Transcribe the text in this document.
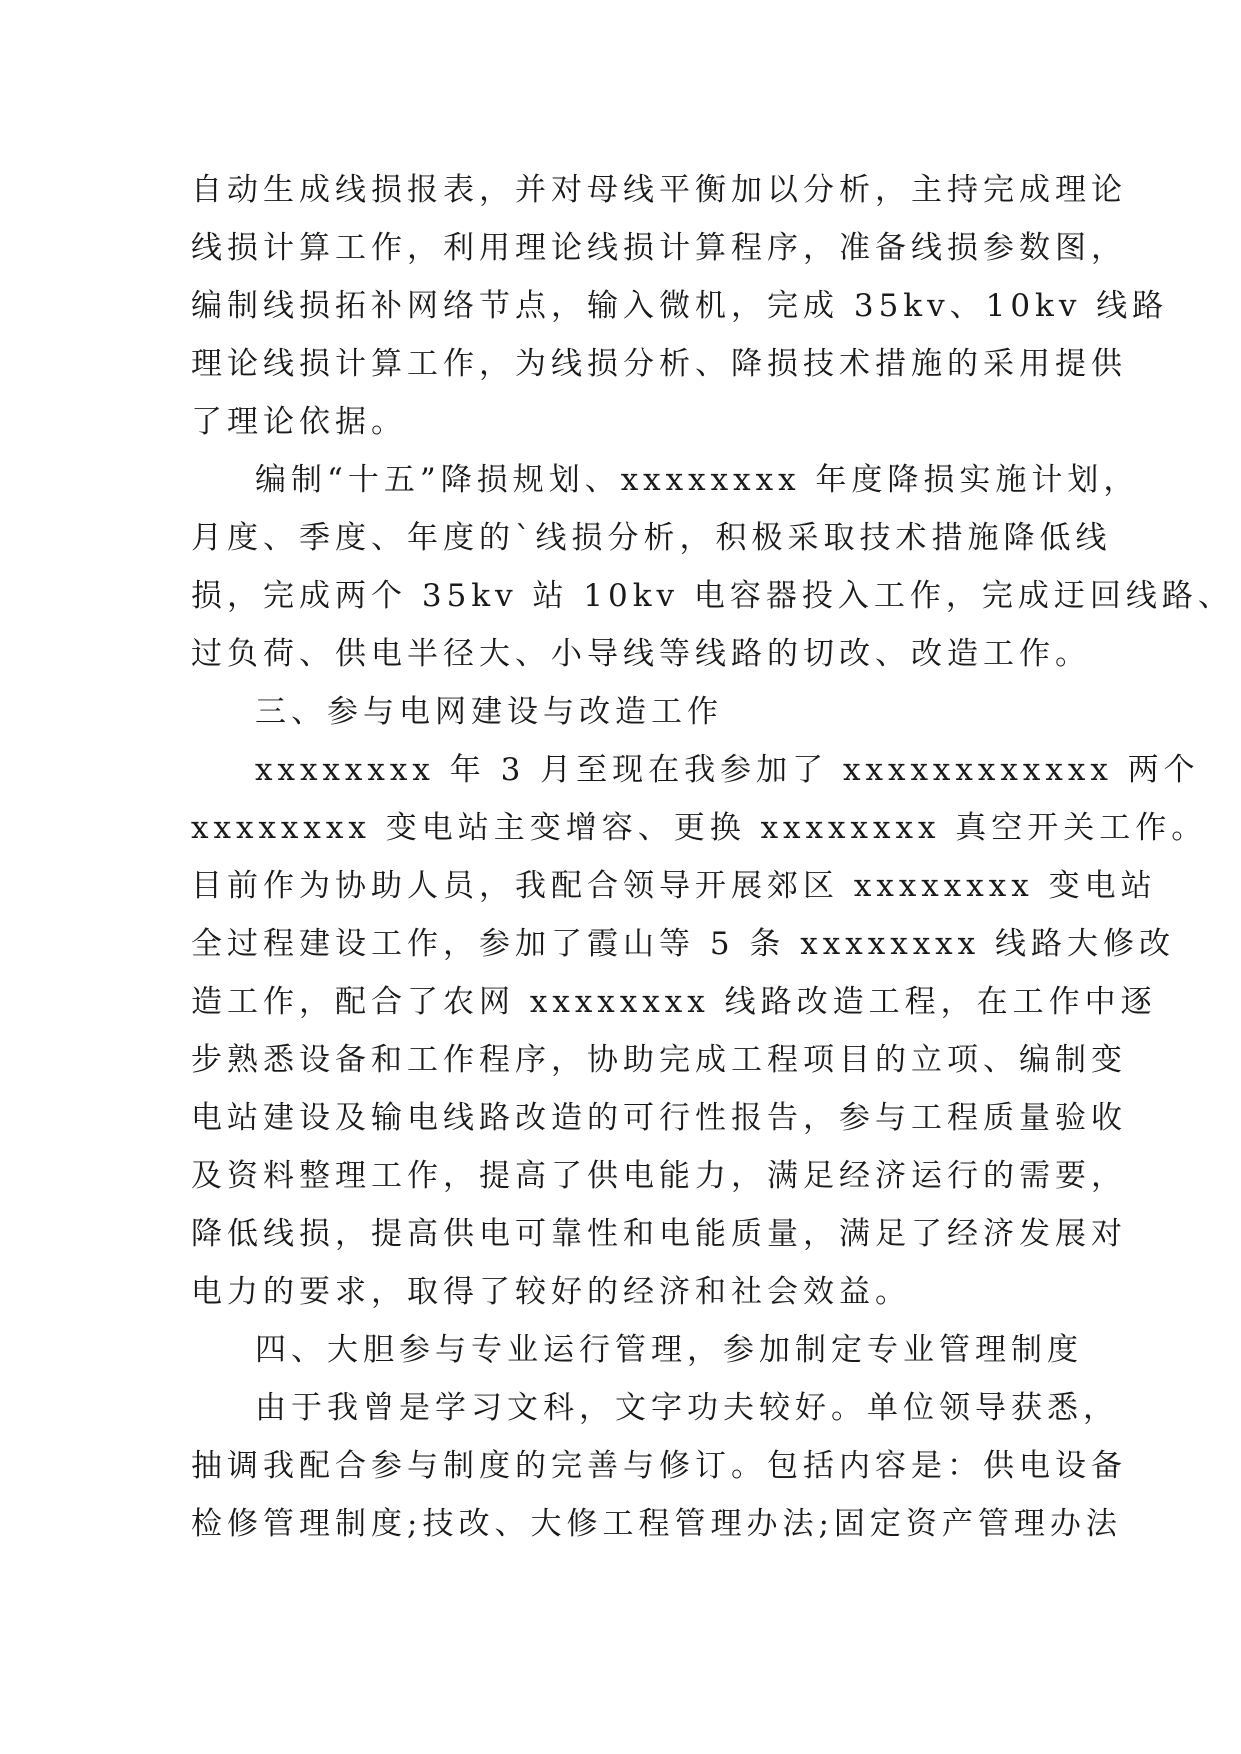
自动生成线损报表，并对母线平衡加以分析，主持完成理论
线损计算工作，利用理论线损计算程序，准备线损参数图，
编制线损拓补网络节点，输入微机，完成 35kv、10kv 线路
理论线损计算工作，为线损分析、降损技术措施的采用提供
了理论依据。
编制“十五”降损规划、xxxxxxxx 年度降损实施计划，
月度、季度、年度的`线损分析，积极采取技术措施降低线
损，完成两个 35kv 站 10kv 电容器投入工作，完成迂回线路、
过负荷、供电半径大、小导线等线路的切改、改造工作。
三、参与电网建设与改造工作
xxxxxxxx 年 3 月至现在我参加了 xxxxxxxxxxxx 两个
xxxxxxxx 变电站主变增容、更换 xxxxxxxx 真空开关工作。
目前作为协助人员，我配合领导开展郊区 xxxxxxxx 变电站
全过程建设工作，参加了霞山等 5 条 xxxxxxxx 线路大修改
造工作，配合了农网 xxxxxxxx 线路改造工程，在工作中逐
步熟悉设备和工作程序，协助完成工程项目的立项、编制变
电站建设及输电线路改造的可行性报告，参与工程质量验收
及资料整理工作，提高了供电能力，满足经济运行的需要，
降低线损，提高供电可靠性和电能质量，满足了经济发展对
电力的要求，取得了较好的经济和社会效益。
四、大胆参与专业运行管理，参加制定专业管理制度
由于我曾是学习文科，文字功夫较好。单位领导获悉，
抽调我配合参与制度的完善与修订。包括内容是：供电设备
检修管理制度;技改、大修工程管理办法;固定资产管理办法
